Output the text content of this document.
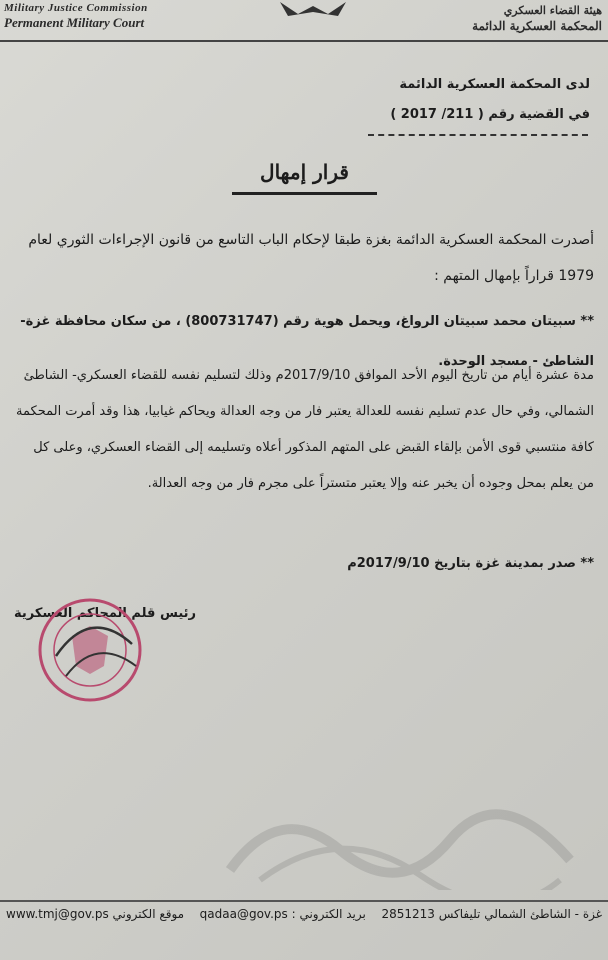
Military Justice Commission
Permanent Military Court
هيئة القضاء العسكري
المحكمة العسكرية الدائمة
لدى المحكمة العسكرية الدائمة
في القضية رقم ( 211/ 2017 )
قرار إمهال
أصدرت المحكمة العسكرية الدائمة بغزة طبقا لإحكام الباب التاسع من قانون الإجراءات الثوري لعام 1979 قراراً بإمهال المتهم :
** سبيتان محمد سبيتان الرواغ، ويحمل هوية رقم (800731747) ، من سكان محافظة غزة- الشاطئ - مسجد الوحدة.
مدة عشرة أيام من تاريخ اليوم الأحد الموافق 2017/9/10م وذلك لتسليم نفسه للقضاء العسكري- الشاطئ الشمالي، وفي حال عدم تسليم نفسه للعدالة يعتبر فار من وجه العدالة ويحاكم غيابيا، هذا وقد أمرت المحكمة كافة منتسبي قوى الأمن بإلقاء القبض على المتهم المذكور أعلاه وتسليمه إلى القضاء العسكري، وعلى كل من يعلم بمحل وجوده أن يخبر عنه وإلا يعتبر متستراً على مجرم فار من وجه العدالة.
** صدر بمدينة غزة بتاريخ 2017/9/10م
رئيس قلم المحاكم العسكرية
غزة - الشاطئ الشمالي تليفاكس 2851213
بريد الكتروني : qadaa@gov.ps
موقع الكتروني www.tmj@gov.ps
